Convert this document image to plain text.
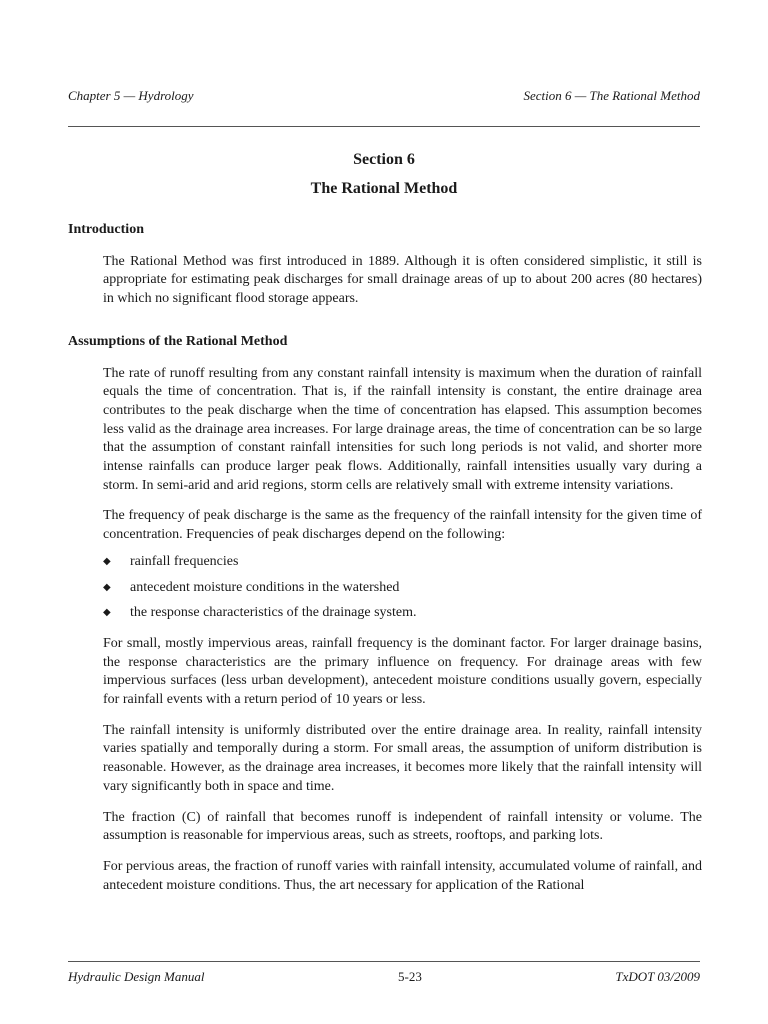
Chapter 5 — Hydrology	Section 6 — The Rational Method
Section 6
The Rational Method
Introduction

The Rational Method was first introduced in 1889. Although it is often considered simplistic, it still is appropriate for estimating peak discharges for small drainage areas of up to about 200 acres (80 hectares) in which no significant flood storage appears.

Assumptions of the Rational Method

The rate of runoff resulting from any constant rainfall intensity is maximum when the duration of rainfall equals the time of concentration. That is, if the rainfall intensity is constant, the entire drainage area contributes to the peak discharge when the time of concentration has elapsed. This assumption becomes less valid as the drainage area increases. For large drainage areas, the time of concentration can be so large that the assumption of constant rainfall intensities for such long periods is not valid, and shorter more intense rainfalls can produce larger peak flows. Additionally, rainfall intensities usually vary during a storm. In semi-arid and arid regions, storm cells are relatively small with extreme intensity variations.

The frequency of peak discharge is the same as the frequency of the rainfall intensity for the given time of concentration. Frequencies of peak discharges depend on the following:

◆ rainfall frequencies
◆ antecedent moisture conditions in the watershed
◆ the response characteristics of the drainage system.

For small, mostly impervious areas, rainfall frequency is the dominant factor. For larger drainage basins, the response characteristics are the primary influence on frequency. For drainage areas with few impervious surfaces (less urban development), antecedent moisture conditions usually govern, especially for rainfall events with a return period of 10 years or less.

The rainfall intensity is uniformly distributed over the entire drainage area. In reality, rainfall intensity varies spatially and temporally during a storm. For small areas, the assumption of uniform distribution is reasonable. However, as the drainage area increases, it becomes more likely that the rainfall intensity will vary significantly both in space and time.

The fraction (C) of rainfall that becomes runoff is independent of rainfall intensity or volume. The assumption is reasonable for impervious areas, such as streets, rooftops, and parking lots.

For pervious areas, the fraction of runoff varies with rainfall intensity, accumulated volume of rainfall, and antecedent moisture conditions. Thus, the art necessary for application of the Rational

Hydraulic Design Manual	5-23	TxDOT 03/2009
